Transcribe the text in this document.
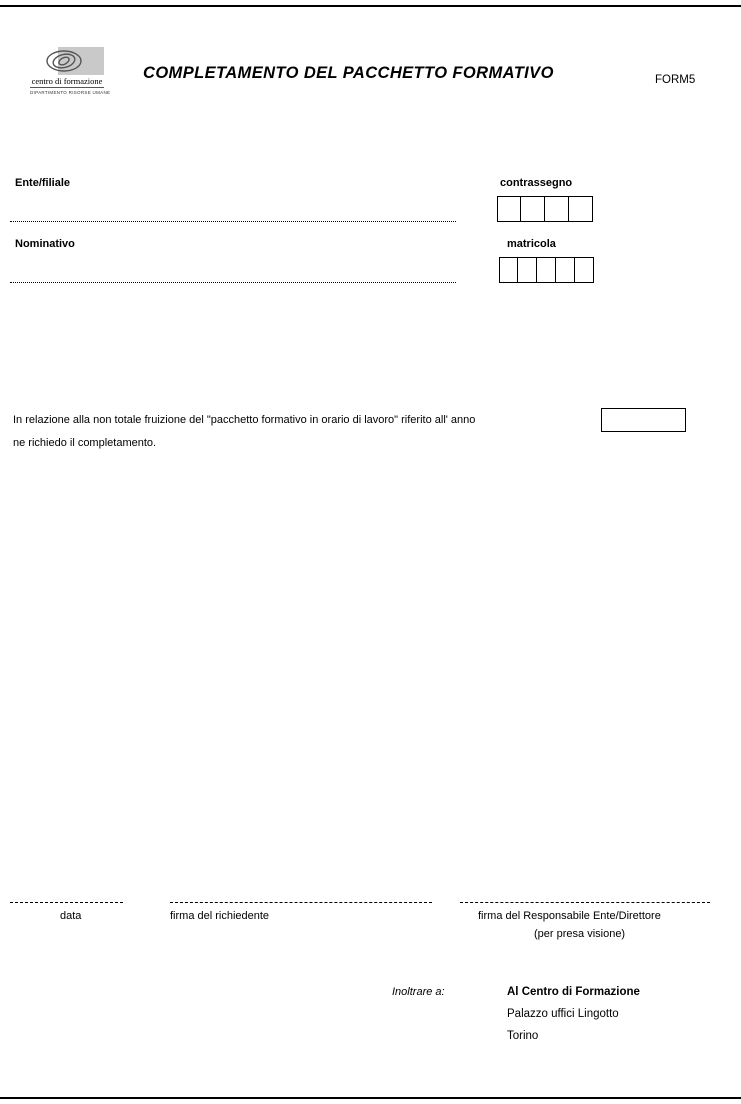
centro di formazione
DIPARTIMENTO RISORSE UMANE
COMPLETAMENTO DEL PACCHETTO FORMATIVO	FORM5
Ente/filiale	contrassegno
Nominativo	matricola
In relazione alla non totale fruizione del "pacchetto formativo in orario di lavoro" riferito all' anno
ne richiedo il completamento.
data	firma del richiedente	firma del Responsabile Ente/Direttore
(per presa visione)
Inoltrare a:	Al Centro di Formazione
Palazzo uffici Lingotto
Torino
